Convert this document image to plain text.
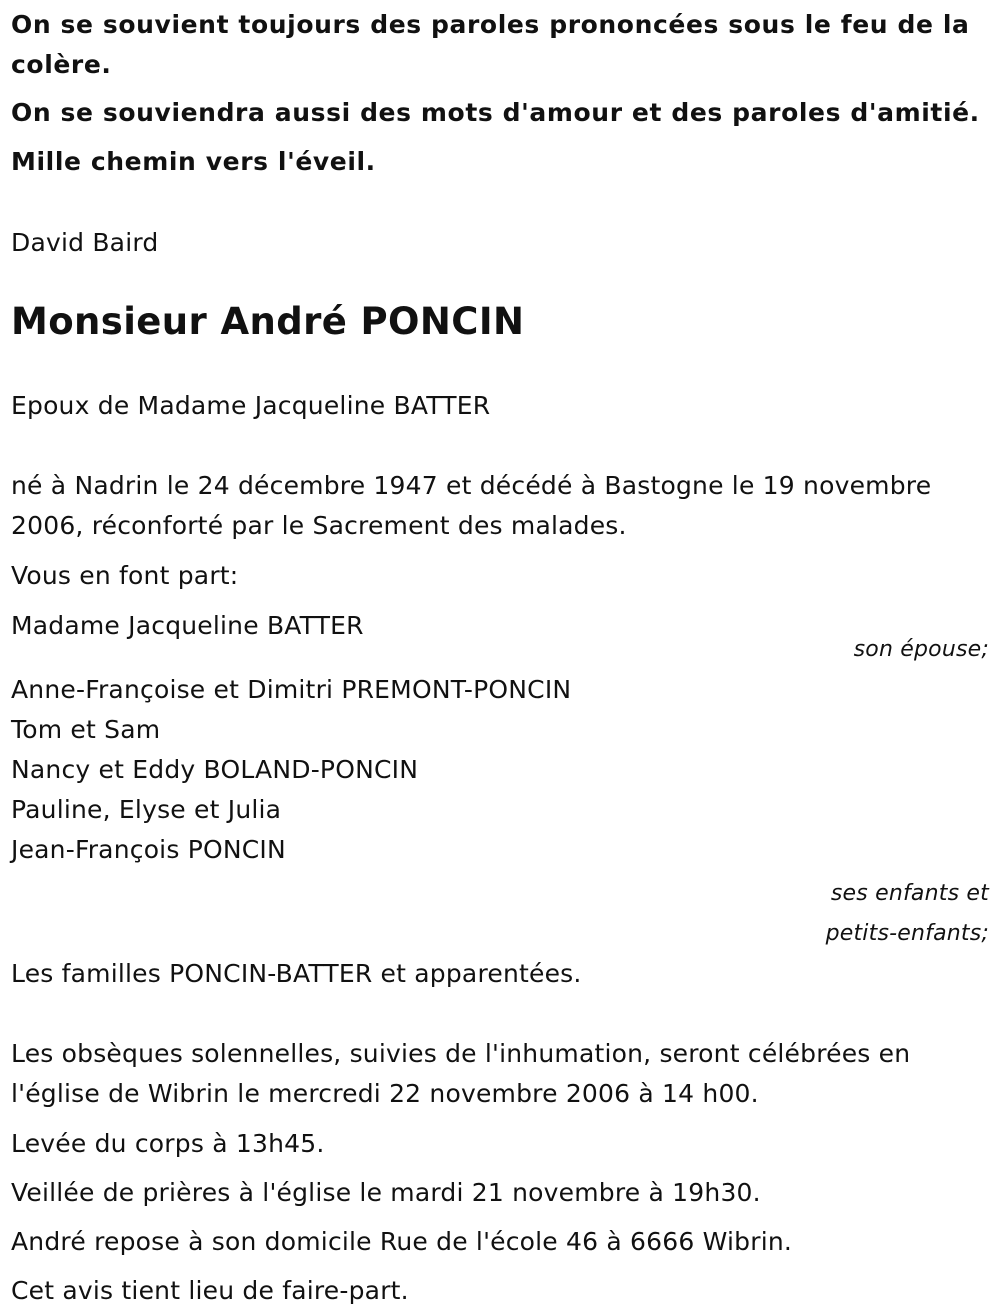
On se souvient toujours des paroles prononcées sous le feu de la colère.

On se souviendra aussi des mots d'amour et des paroles d'amitié.

Mille chemin vers l'éveil.

David Baird

Monsieur André PONCIN

Epoux de Madame Jacqueline BATTER

né à Nadrin le 24 décembre 1947 et décédé à Bastogne le 19 novembre 2006, réconforté par le Sacrement des malades.

Vous en font part:

Madame Jacqueline BATTER

son épouse;

Anne-Françoise et Dimitri PREMONT-PONCIN

Tom et Sam

Nancy et Eddy BOLAND-PONCIN

Pauline, Elyse et Julia

Jean-François PONCIN

ses enfants et

petits-enfants;

Les familles PONCIN-BATTER et apparentées.

Les obsèques solennelles, suivies de l'inhumation, seront célébrées en l'église de Wibrin le mercredi 22 novembre 2006 à 14 h00.

Levée du corps à 13h45.

Veillée de prières à l'église le mardi 21 novembre à 19h30.

André repose à son domicile Rue de l'école 46 à 6666 Wibrin.

Cet avis tient lieu de faire-part.
